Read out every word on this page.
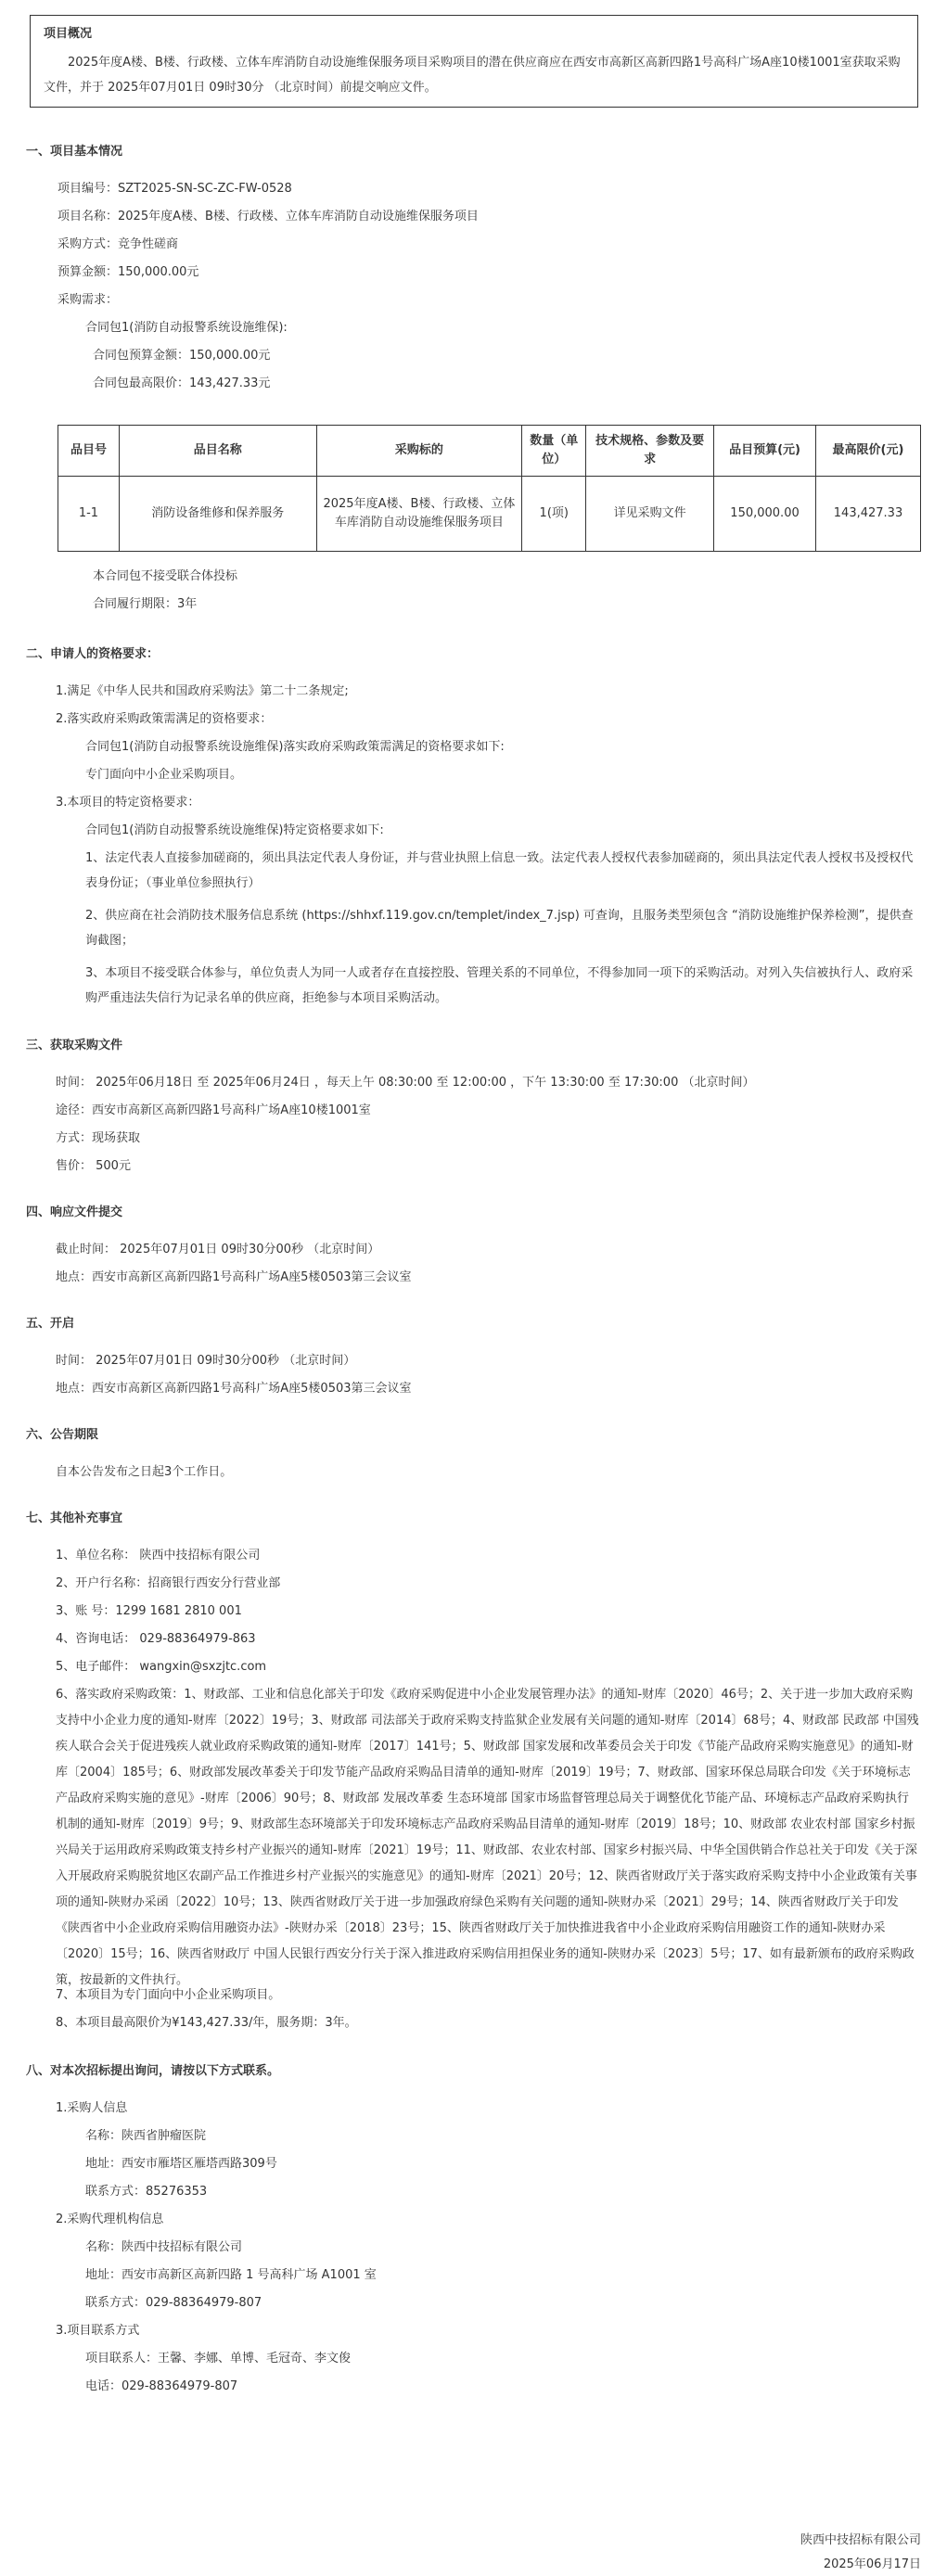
项目概况
2025年度A楼、B楼、行政楼、立体车库消防自动设施维保服务项目采购项目的潜在供应商应在西安市高新区高新四路1号高科广场A座10楼1001室获取采购文件，并于 2025年07月01日 09时30分 （北京时间）前提交响应文件。
一、项目基本情况
项目编号：SZT2025-SN-SC-ZC-FW-0528
项目名称：2025年度A楼、B楼、行政楼、立体车库消防自动设施维保服务项目
采购方式：竞争性磋商
预算金额：150,000.00元
采购需求：
合同包1(消防自动报警系统设施维保):
合同包预算金额：150,000.00元
合同包最高限价：143,427.33元
品目号	品目名称	采购标的	数量（单位）	技术规格、参数及要求	品目预算(元)	最高限价(元)
1-1	消防设备维修和保养服务	2025年度A楼、B楼、行政楼、立体车库消防自动设施维保服务项目	1(项)	详见采购文件	150,000.00	143,427.33
本合同包不接受联合体投标
合同履行期限：3年
二、申请人的资格要求：
1.满足《中华人民共和国政府采购法》第二十二条规定;
2.落实政府采购政策需满足的资格要求：
合同包1(消防自动报警系统设施维保)落实政府采购政策需满足的资格要求如下:
专门面向中小企业采购项目。
3.本项目的特定资格要求：
合同包1(消防自动报警系统设施维保)特定资格要求如下:
1、法定代表人直接参加磋商的，须出具法定代表人身份证，并与营业执照上信息一致。法定代表人授权代表参加磋商的，须出具法定代表人授权书及授权代表身份证；（事业单位参照执行）
2、供应商在社会消防技术服务信息系统 (https://shhxf.119.gov.cn/templet/index_7.jsp) 可查询，且服务类型须包含 “消防设施维护保养检测”，提供查询截图；
3、本项目不接受联合体参与，单位负责人为同一人或者存在直接控股、管理关系的不同单位，不得参加同一项下的采购活动。对列入失信被执行人、政府采购严重违法失信行为记录名单的供应商，拒绝参与本项目采购活动。
三、获取采购文件
时间： 2025年06月18日 至 2025年06月24日 ，每天上午 08:30:00 至 12:00:00 ，下午 13:30:00 至 17:30:00 （北京时间）
途径：西安市高新区高新四路1号高科广场A座10楼1001室
方式：现场获取
售价： 500元
四、响应文件提交
截止时间： 2025年07月01日 09时30分00秒 （北京时间）
地点：西安市高新区高新四路1号高科广场A座5楼0503第三会议室
五、开启
时间： 2025年07月01日 09时30分00秒 （北京时间）
地点：西安市高新区高新四路1号高科广场A座5楼0503第三会议室
六、公告期限
自本公告发布之日起3个工作日。
七、其他补充事宜
1、单位名称： 陕西中技招标有限公司
2、开户行名称：招商银行西安分行营业部
3、账 号：1299 1681 2810 001
4、咨询电话： 029-88364979-863
5、电子邮件： wangxin@sxzjtc.com
6、落实政府采购政策：1、财政部、工业和信息化部关于印发《政府采购促进中小企业发展管理办法》的通知-财库〔2020〕46号；2、关于进一步加大政府采购支持中小企业力度的通知-财库〔2022〕19号；3、财政部 司法部关于政府采购支持监狱企业发展有关问题的通知-财库〔2014〕68号；4、财政部 民政部 中国残疾人联合会关于促进残疾人就业政府采购政策的通知-财库〔2017〕141号；5、财政部 国家发展和改革委员会关于印发《节能产品政府采购实施意见》的通知-财库〔2004〕185号；6、财政部发展改革委关于印发节能产品政府采购品目清单的通知-财库〔2019〕19号；7、财政部、国家环保总局联合印发《关于环境标志产品政府采购实施的意见》-财库〔2006〕90号；8、财政部 发展改革委 生态环境部 国家市场监督管理总局关于调整优化节能产品、环境标志产品政府采购执行机制的通知-财库〔2019〕9号；9、财政部生态环境部关于印发环境标志产品政府采购品目清单的通知-财库〔2019〕18号；10、财政部 农业农村部 国家乡村振兴局关于运用政府采购政策支持乡村产业振兴的通知-财库〔2021〕19号；11、财政部、农业农村部、国家乡村振兴局、中华全国供销合作总社关于印发《关于深入开展政府采购脱贫地区农副产品工作推进乡村产业振兴的实施意见》的通知-财库〔2021〕20号；12、陕西省财政厅关于落实政府采购支持中小企业政策有关事项的通知-陕财办采函〔2022〕10号；13、陕西省财政厅关于进一步加强政府绿色采购有关问题的通知-陕财办采〔2021〕29号；14、陕西省财政厅关于印发《陕西省中小企业政府采购信用融资办法》-陕财办采〔2018〕23号；15、陕西省财政厅关于加快推进我省中小企业政府采购信用融资工作的通知-陕财办采〔2020〕15号；16、陕西省财政厅 中国人民银行西安分行关于深入推进政府采购信用担保业务的通知-陕财办采〔2023〕5号；17、如有最新颁布的政府采购政策，按最新的文件执行。
7、本项目为专门面向中小企业采购项目。
8、本项目最高限价为¥143,427.33/年，服务期：3年。
八、对本次招标提出询问，请按以下方式联系。
1.采购人信息
名称：陕西省肿瘤医院
地址：西安市雁塔区雁塔西路309号
联系方式：85276353
2.采购代理机构信息
名称：陕西中技招标有限公司
地址：西安市高新区高新四路 1 号高科广场 A1001 室
联系方式：029-88364979-807
3.项目联系方式
项目联系人：王馨、李娜、单博、毛冠奇、李文俊
电话：029-88364979-807
陕西中技招标有限公司
2025年06月17日
